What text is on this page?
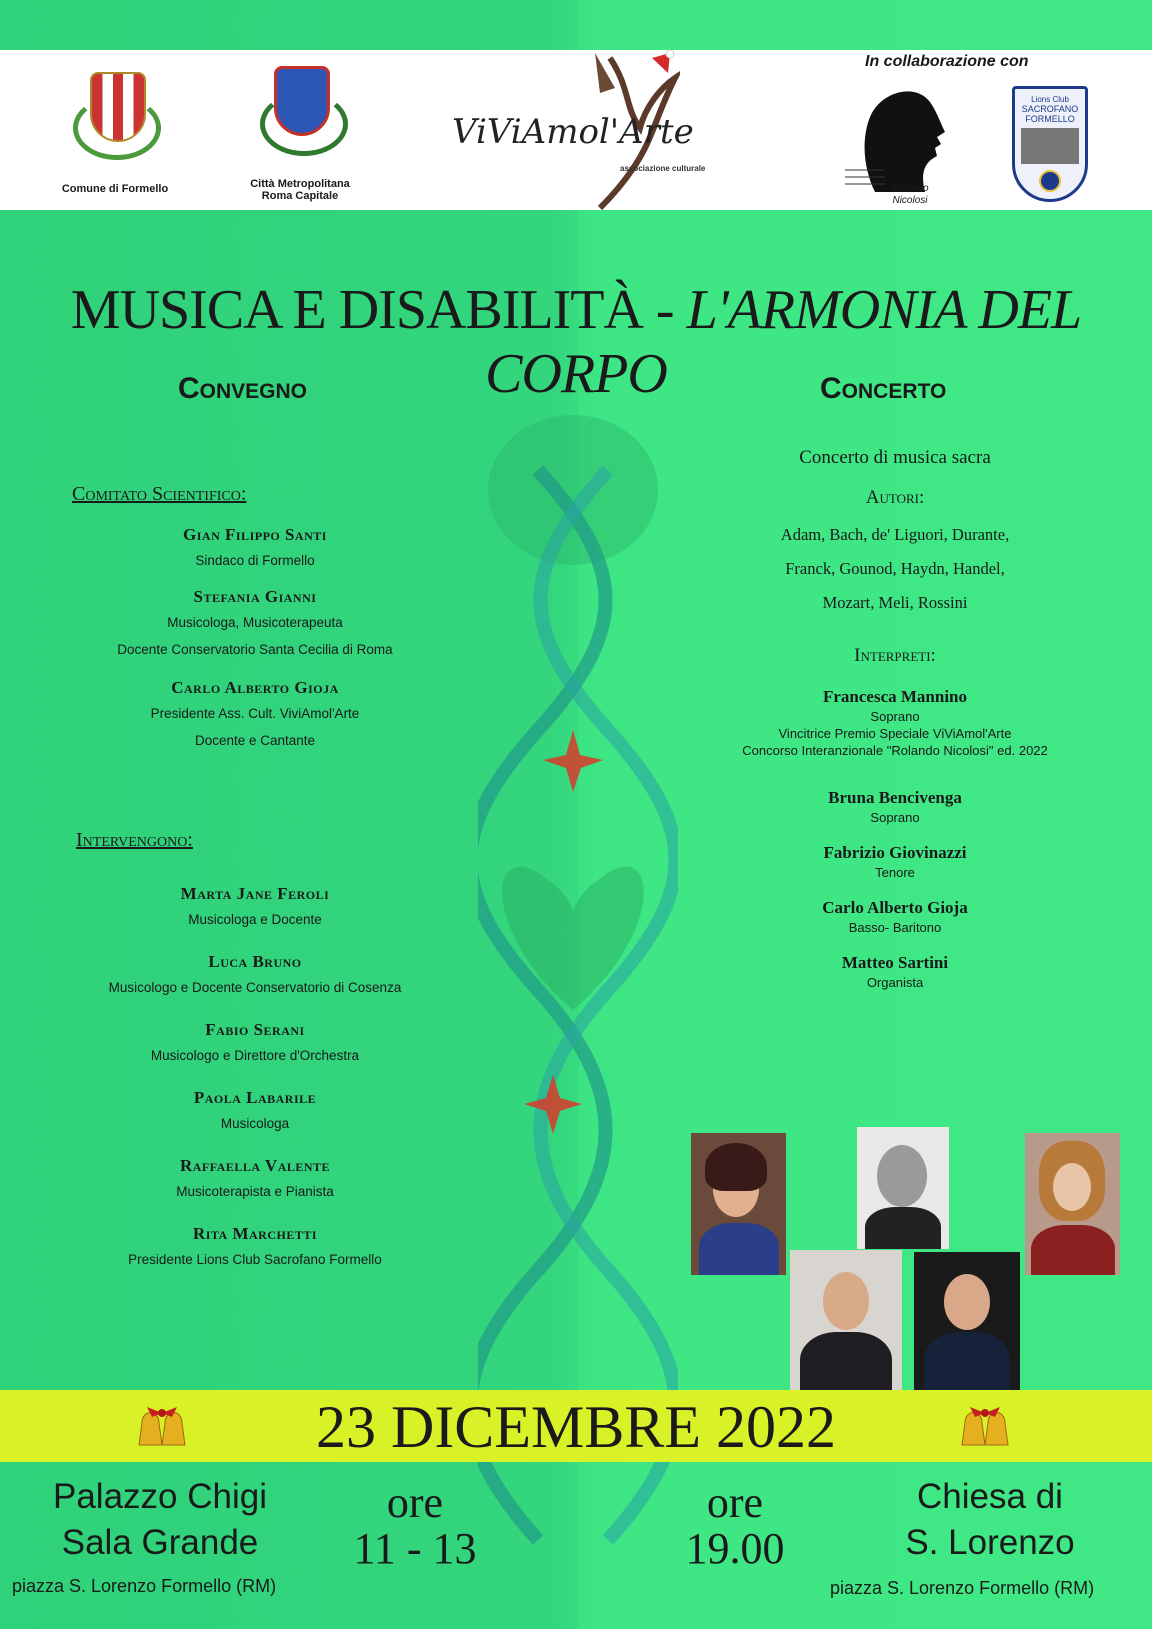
Comune di Formello	Città Metropolitana
Roma Capitale
ViViAmol'Arte
associazione culturale
In collaborazione con
Rolando
Nicolosi
Lions Club
SACROFANO
FORMELLO
MUSICA E DISABILITÀ - L'ARMONIA DEL CORPO
Convegno	Concerto
Comitato Scientifico:
Gian Filippo Santi
Sindaco di Formello
Stefania Gianni
Musicologa, Musicoterapeuta
Docente Conservatorio Santa Cecilia di Roma
Carlo Alberto Gioja
Presidente Ass. Cult. ViviAmol'Arte
Docente e Cantante
Intervengono:
Marta Jane Feroli
Musicologa e Docente
Luca Bruno
Musicologo e Docente Conservatorio di Cosenza
Fabio Serani
Musicologo e Direttore d'Orchestra
Paola Labarile
Musicologa
Raffaella Valente
Musicoterapista e Pianista
Rita Marchetti
Presidente Lions Club Sacrofano Formello
Concerto di musica sacra
Autori:
Adam, Bach, de' Liguori, Durante,
Franck, Gounod, Haydn, Handel,
Mozart, Meli, Rossini
Interpreti:
Francesca Mannino
Soprano
Vincitrice Premio Speciale ViViAmol'Arte
Concorso Interanzionale "Rolando Nicolosi" ed. 2022
Bruna Bencivenga
Soprano
Fabrizio Giovinazzi
Tenore
Carlo Alberto Gioja
Basso- Baritono
Matteo Sartini
Organista
23 DICEMBRE 2022
Palazzo Chigi
Sala Grande
piazza S. Lorenzo Formello (RM)
ore
11 - 13
ore
19.00
Chiesa di
S. Lorenzo
piazza S. Lorenzo Formello (RM)
